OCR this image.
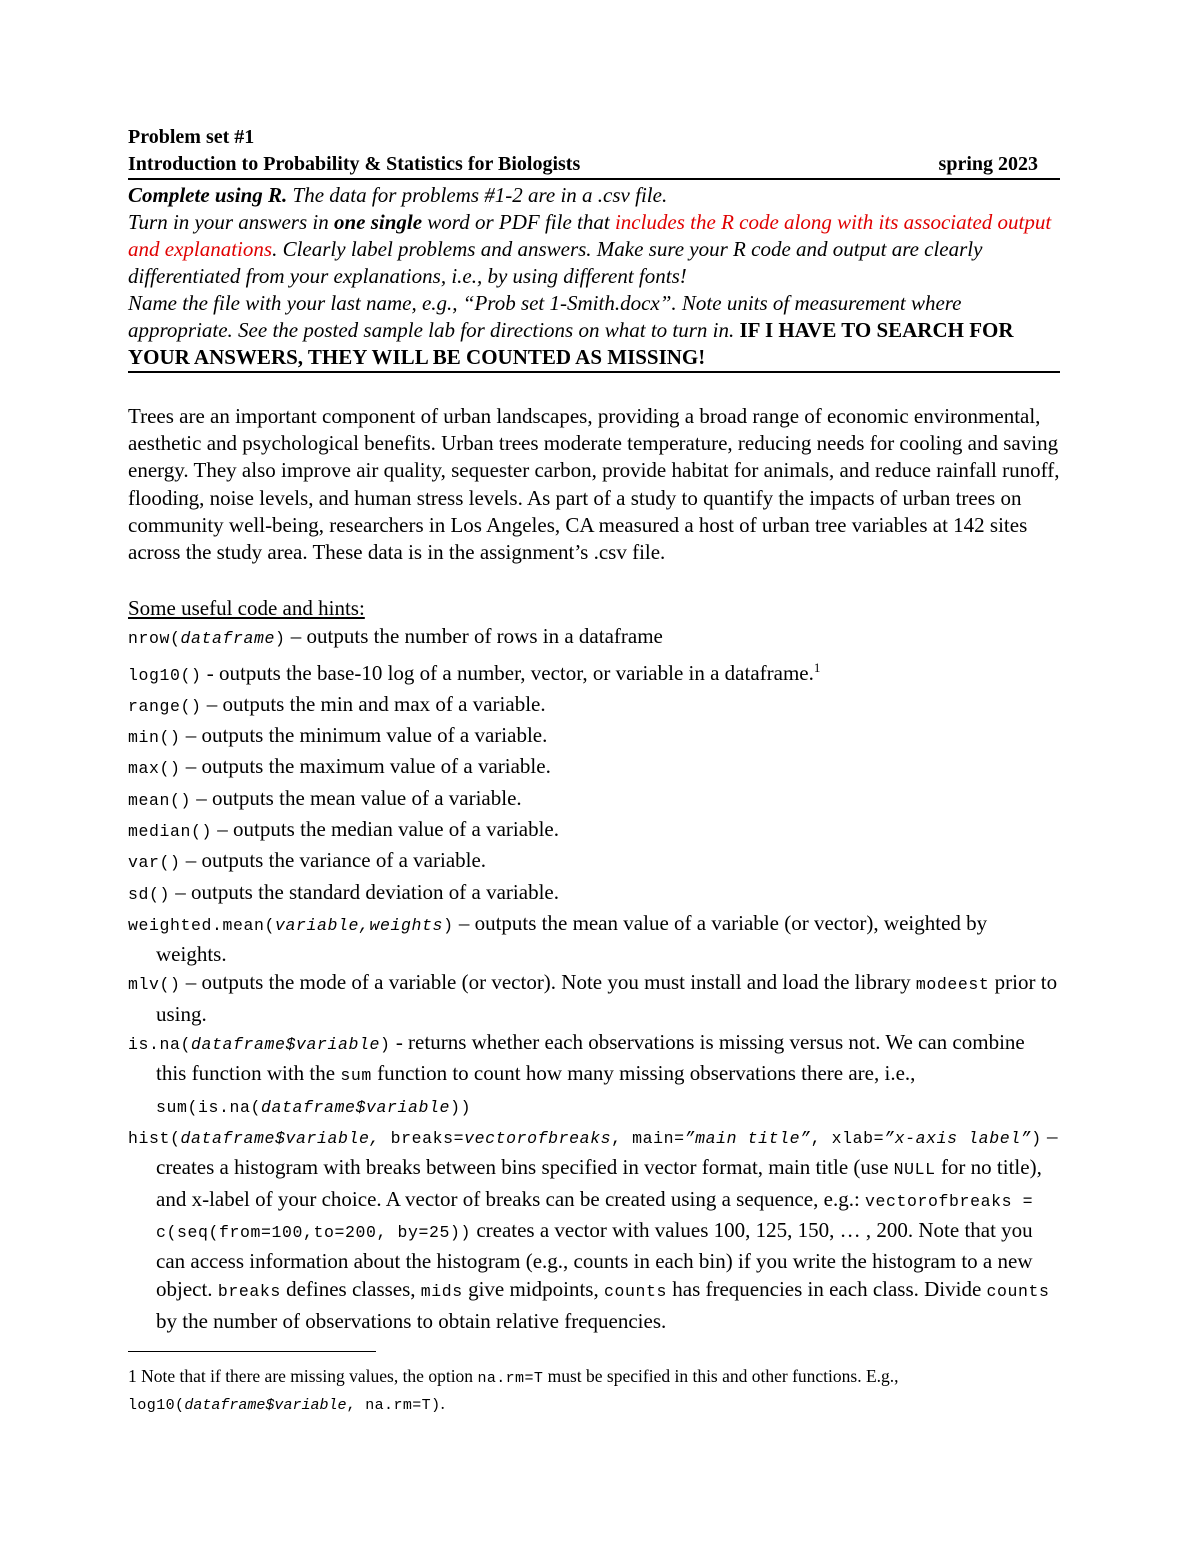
Problem set #1
Introduction to Probability & Statistics for Biologists	spring 2023
Complete using R. The data for problems #1-2 are in a .csv file.
Turn in your answers in one single word or PDF file that includes the R code along with its associated output and explanations. Clearly label problems and answers. Make sure your R code and output are clearly differentiated from your explanations, i.e., by using different fonts!
Name the file with your last name, e.g., “Prob set 1-Smith.docx”. Note units of measurement where appropriate. See the posted sample lab for directions on what to turn in. IF I HAVE TO SEARCH FOR YOUR ANSWERS, THEY WILL BE COUNTED AS MISSING!
Trees are an important component of urban landscapes, providing a broad range of economic environmental, aesthetic and psychological benefits. Urban trees moderate temperature, reducing needs for cooling and saving energy. They also improve air quality, sequester carbon, provide habitat for animals, and reduce rainfall runoff, flooding, noise levels, and human stress levels. As part of a study to quantify the impacts of urban trees on community well-being, researchers in Los Angeles, CA measured a host of urban tree variables at 142 sites across the study area. These data is in the assignment’s .csv file.
Some useful code and hints:
nrow(dataframe) – outputs the number of rows in a dataframe
log10() - outputs the base-10 log of a number, vector, or variable in a dataframe.$^1$
range() – outputs the min and max of a variable.
min() – outputs the minimum value of a variable.
max() – outputs the maximum value of a variable.
mean() – outputs the mean value of a variable.
median() – outputs the median value of a variable.
var() – outputs the variance of a variable.
sd() – outputs the standard deviation of a variable.
weighted.mean(variable,weights) – outputs the mean value of a variable (or vector), weighted by weights.
mlv() – outputs the mode of a variable (or vector). Note you must install and load the library modeest prior to using.
is.na(dataframe$variable) - returns whether each observations is missing versus not. We can combine this function with the sum function to count how many missing observations there are, i.e., sum(is.na(dataframe$variable))
hist(dataframe$variable, breaks=vectorofbreaks, main=”main title”, xlab=”x-axis label”) – creates a histogram with breaks between bins specified in vector format, main title (use NULL for no title), and x-label of your choice. A vector of breaks can be created using a sequence, e.g.: vectorofbreaks = c(seq(from=100,to=200, by=25)) creates a vector with values 100, 125, 150, … , 200. Note that you can access information about the histogram (e.g., counts in each bin) if you write the histogram to a new object. breaks defines classes, mids give midpoints, counts has frequencies in each class. Divide counts by the number of observations to obtain relative frequencies.
1 Note that if there are missing values, the option na.rm=T must be specified in this and other functions. E.g.,
log10(dataframe$variable, na.rm=T).
